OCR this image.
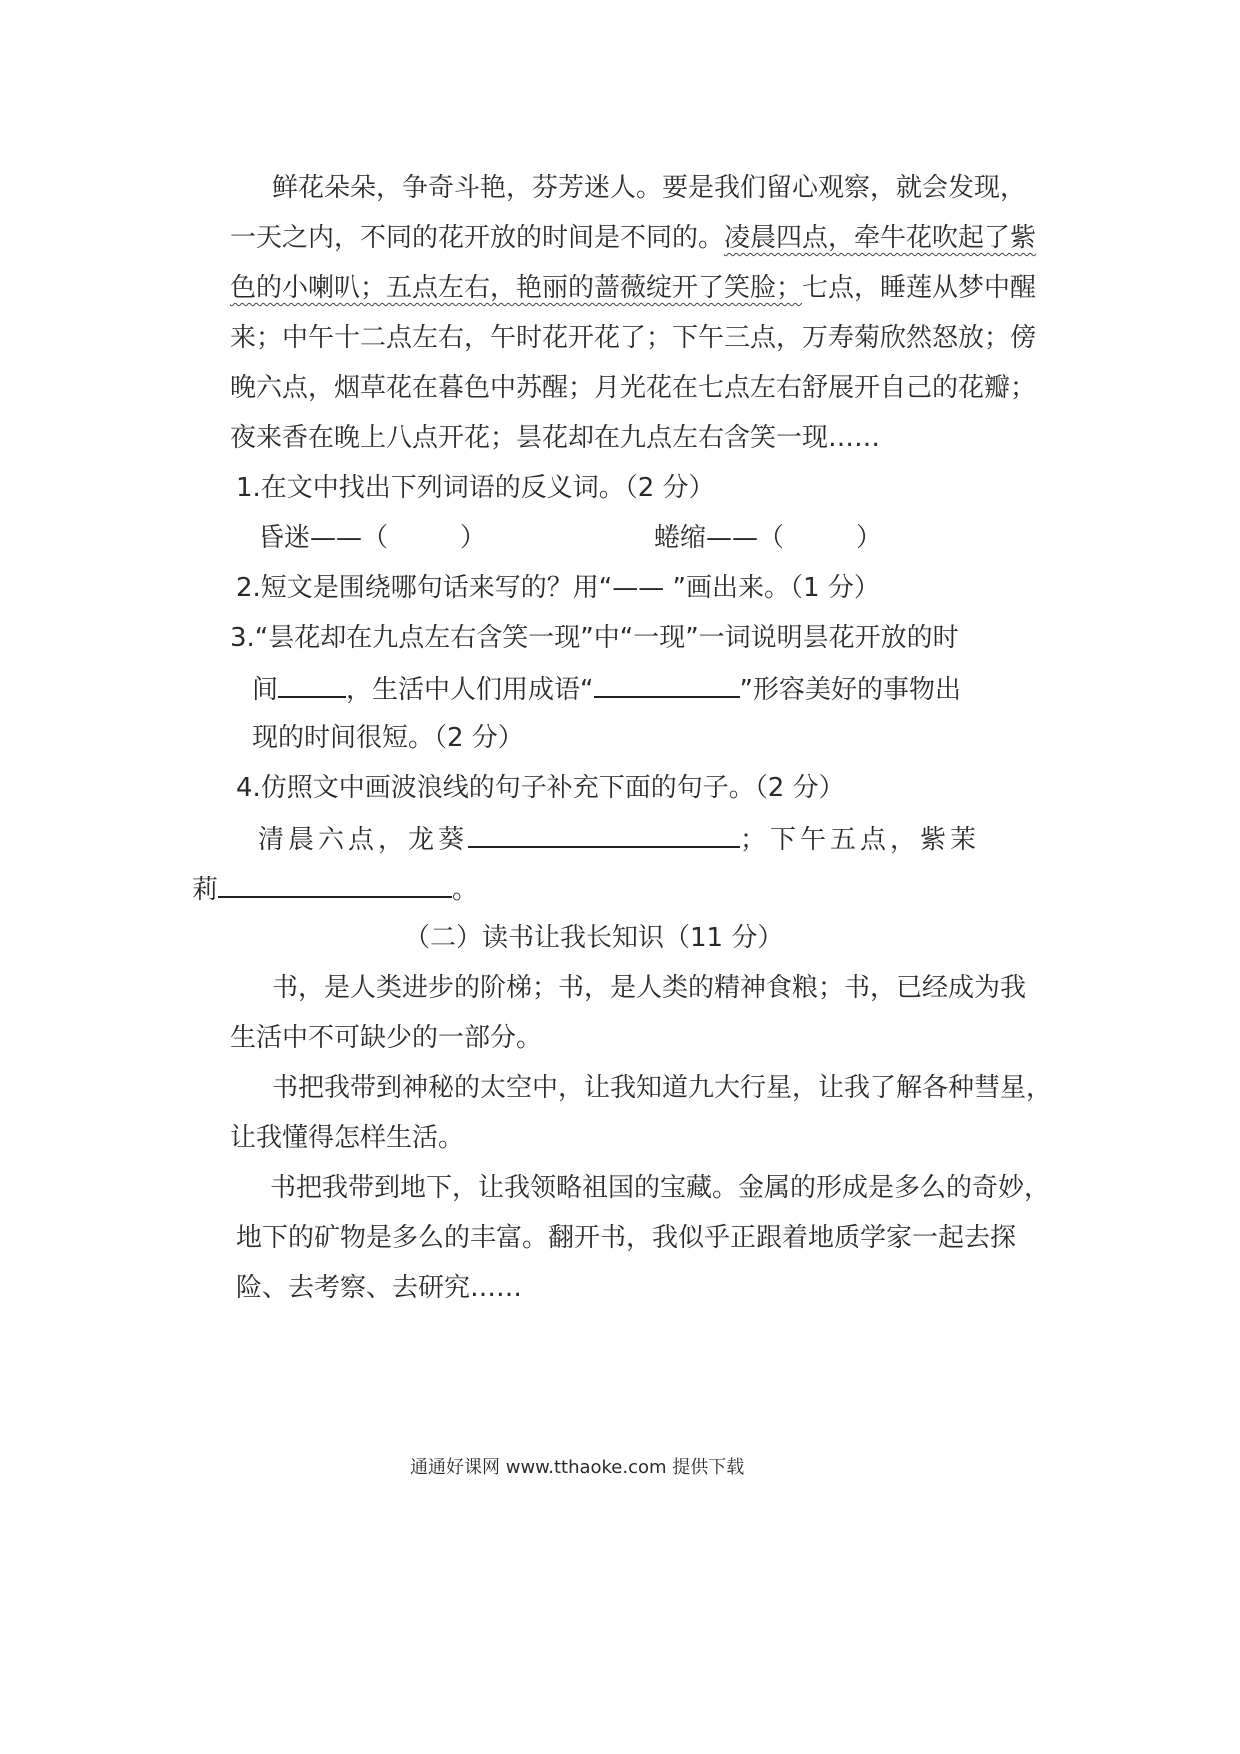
鲜花朵朵，争奇斗艳，芬芳迷人。要是我们留心观察，就会发现，
一天之内，不同的花开放的时间是不同的。凌晨四点，牵牛花吹起了紫
色的小喇叭；五点左右，艳丽的蔷薇绽开了笑脸；七点，睡莲从梦中醒
来；中午十二点左右，午时花开花了；下午三点，万寿菊欣然怒放；傍
晚六点，烟草花在暮色中苏醒；月光花在七点左右舒展开自己的花瓣；
夜来香在晚上八点开花；昙花却在九点左右含笑一现……
1.在文中找出下列词语的反义词。（2 分）
昏迷——（	）	蜷缩——（	）
2.短文是围绕哪句话来写的？用“—— ”画出来。（1 分）
3.“昙花却在九点左右含笑一现”中“一现”一词说明昙花开放的时
间	，生活中人们用成语“	”形容美好的事物出
现的时间很短。（2 分）
4.仿照文中画波浪线的句子补充下面的句子。（2 分）
清晨六点，龙葵	；下午五点，紫茉
莉	。
（二）读书让我长知识（11 分）
书，是人类进步的阶梯；书，是人类的精神食粮；书，已经成为我
生活中不可缺少的一部分。
书把我带到神秘的太空中，让我知道九大行星，让我了解各种彗星，
让我懂得怎样生活。
书把我带到地下，让我领略祖国的宝藏。金属的形成是多么的奇妙，
地下的矿物是多么的丰富。翻开书，我似乎正跟着地质学家一起去探
险、去考察、去研究……
通通好课网 www.tthaoke.com 提供下载
